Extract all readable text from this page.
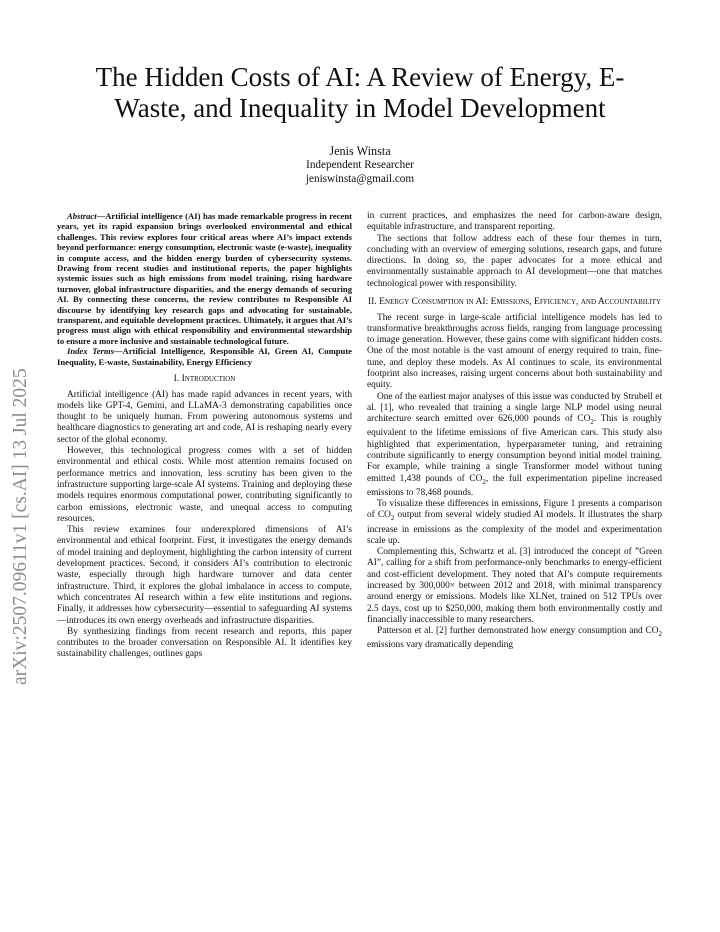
arXiv:2507.09611v1 [cs.AI] 13 Jul 2025
The Hidden Costs of AI: A Review of Energy, E-Waste, and Inequality in Model Development
Jenis Winsta
Independent Researcher
jeniswinsta@gmail.com
Abstract—Artificial intelligence (AI) has made remarkable progress in recent years, yet its rapid expansion brings overlooked environmental and ethical challenges. This review explores four critical areas where AI’s impact extends beyond performance: energy consumption, electronic waste (e-waste), inequality in compute access, and the hidden energy burden of cybersecurity systems. Drawing from recent studies and institutional reports, the paper highlights systemic issues such as high emissions from model training, rising hardware turnover, global infrastructure disparities, and the energy demands of securing AI. By connecting these concerns, the review contributes to Responsible AI discourse by identifying key research gaps and advocating for sustainable, transparent, and equitable development practices. Ultimately, it argues that AI’s progress must align with ethical responsibility and environmental stewardship to ensure a more inclusive and sustainable technological future.
Index Terms—Artificial Intelligence, Responsible AI, Green AI, Compute Inequality, E-waste, Sustainability, Energy Efficiency
I. Introduction

Artificial intelligence (AI) has made rapid advances in recent years, with models like GPT-4, Gemini, and LLaMA-3 demonstrating capabilities once thought to be uniquely human. From powering autonomous systems and healthcare diagnostics to generating art and code, AI is reshaping nearly every sector of the global economy.

However, this technological progress comes with a set of hidden environmental and ethical costs. While most attention remains focused on performance metrics and innovation, less scrutiny has been given to the infrastructure supporting large-scale AI systems. Training and deploying these models requires enormous computational power, contributing significantly to carbon emissions, electronic waste, and unequal access to computing resources.

This review examines four underexplored dimensions of AI’s environmental and ethical footprint. First, it investigates the energy demands of model training and deployment, highlighting the carbon intensity of current development practices. Second, it considers AI’s contribution to electronic waste, especially through high hardware turnover and data center infrastructure. Third, it explores the global imbalance in access to compute, which concentrates AI research within a few elite institutions and regions. Finally, it addresses how cybersecurity—essential to safeguarding AI systems—introduces its own energy overheads and infrastructure disparities.

By synthesizing findings from recent research and reports, this paper contributes to the broader conversation on Responsible AI. It identifies key sustainability challenges, outlines gaps

in current practices, and emphasizes the need for carbon-aware design, equitable infrastructure, and transparent reporting.

The sections that follow address each of these four themes in turn, concluding with an overview of emerging solutions, research gaps, and future directions. In doing so, the paper advocates for a more ethical and environmentally sustainable approach to AI development—one that matches technological power with responsibility.

II. Energy Consumption in AI: Emissions, Efficiency, and Accountability

The recent surge in large-scale artificial intelligence models has led to transformative breakthroughs across fields, ranging from language processing to image generation. However, these gains come with significant hidden costs. One of the most notable is the vast amount of energy required to train, fine-tune, and deploy these models. As AI continues to scale, its environmental footprint also increases, raising urgent concerns about both sustainability and equity.

One of the earliest major analyses of this issue was conducted by Strubell et al. [1], who revealed that training a single large NLP model using neural architecture search emitted over 626,000 pounds of $CO_2$. This is roughly equivalent to the lifetime emissions of five American cars. This study also highlighted that experimentation, hyperparameter tuning, and retraining contribute significantly to energy consumption beyond initial model training. For example, while training a single Transformer model without tuning emitted 1,438 pounds of $CO_2$, the full experimentation pipeline increased emissions to 78,468 pounds.

To visualize these differences in emissions, Figure 1 presents a comparison of $CO_2$ output from several widely studied AI models. It illustrates the sharp increase in emissions as the complexity of the model and experimentation scale up.

Complementing this, Schwartz et al. [3] introduced the concept of ”Green AI”, calling for a shift from performance-only benchmarks to energy-efficient and cost-efficient development. They noted that AI’s compute requirements increased by 300,000× between 2012 and 2018, with minimal transparency around energy or emissions. Models like XLNet, trained on 512 TPUs over 2.5 days, cost up to $250,000, making them both environmentally costly and financially inaccessible to many researchers.

Patterson et al. [2] further demonstrated how energy consumption and $CO_2$ emissions vary dramatically depending
